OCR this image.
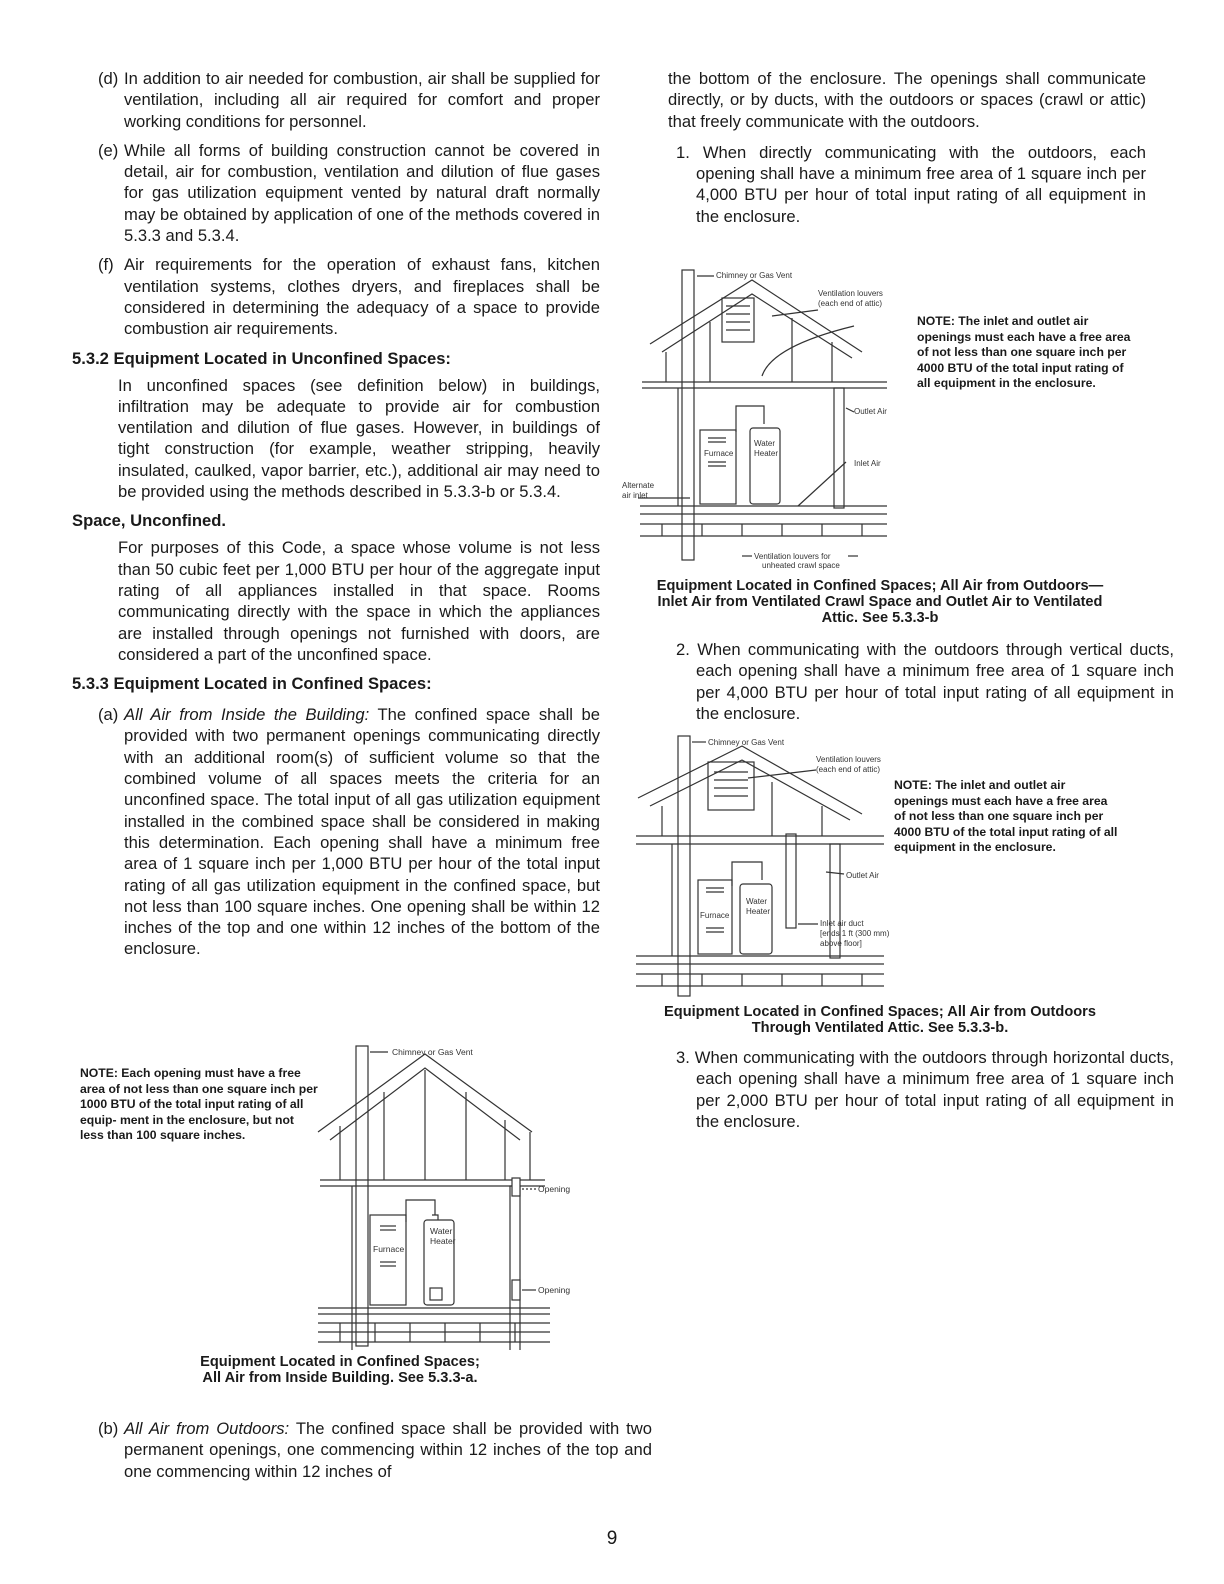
(d) In addition to air needed for combustion, air shall be supplied for ventilation, including all air required for comfort and proper working conditions for personnel.

(e) While all forms of building construction cannot be covered in detail, air for combustion, ventilation and dilution of flue gases for gas utilization equipment vented by natural draft normally may be obtained by application of one of the methods covered in 5.3.3 and 5.3.4.

(f) Air requirements for the operation of exhaust fans, kitchen ventilation systems, clothes dryers, and fireplaces shall be considered in determining the adequacy of a space to provide combustion air requirements.

5.3.2 Equipment Located in Unconfined Spaces:

In unconfined spaces (see definition below) in buildings, infiltration may be adequate to provide air for combustion ventilation and dilution of flue gases. However, in buildings of tight construction (for example, weather stripping, heavily insulated, caulked, vapor barrier, etc.), additional air may need to be provided using the methods described in 5.3.3-b or 5.3.4.

Space, Unconfined.

For purposes of this Code, a space whose volume is not less than 50 cubic feet per 1,000 BTU per hour of the aggregate input rating of all appliances installed in that space. Rooms communicating directly with the space in which the appliances are installed through openings not furnished with doors, are considered a part of the unconfined space.

5.3.3 Equipment Located in Confined Spaces:

(a) All Air from Inside the Building: The confined space shall be provided with two permanent openings communicating directly with an additional room(s) of sufficient volume so that the combined volume of all spaces meets the criteria for an unconfined space. The total input of all gas utilization equipment installed in the combined space shall be considered in making this determination. Each opening shall have a minimum free area of 1 square inch per 1,000 BTU per hour of the total input rating of all gas utilization equipment in the confined space, but not less than 100 square inches. One opening shall be within 12 inches of the top and one within 12 inches of the bottom of the enclosure.

NOTE: Each opening must have a free area of not less than one square inch per 1000 BTU of the total input rating of all equip- ment in the enclosure, but not less than 100 square inches.
Chimney or Gas Vent
Opening
Opening
Water
Heater
Furnace
Equipment Located in Confined Spaces;
All Air from Inside Building. See 5.3.3-a.

(b) All Air from Outdoors: The confined space shall be provided with two permanent openings, one commencing within 12 inches of the top and one commencing within 12 inches of

the bottom of the enclosure. The openings shall communicate directly, or by ducts, with the outdoors or spaces (crawl or attic) that freely communicate with the outdoors.

1. When directly communicating with the outdoors, each opening shall have a minimum free area of 1 square inch per 4,000 BTU per hour of total input rating of all equipment in the enclosure.

Chimney or Gas Vent
Ventilation louvers
(each end of attic)
Outlet Air
Inlet Air
Alternate
air inlet
Ventilation louvers for
unheated crawl space
Water
Heater
Furnace
NOTE: The inlet and outlet air openings must each have a free area of not less than one square inch per 4000 BTU of the total input rating of all equipment in the enclosure.
Equipment Located in Confined Spaces; All Air from Outdoors—
Inlet Air from Ventilated Crawl Space and Outlet Air to Ventilated
Attic. See 5.3.3-b

2. When communicating with the outdoors through vertical ducts, each opening shall have a minimum free area of 1 square inch per 4,000 BTU per hour of total input rating of all equipment in the enclosure.

Chimney or Gas Vent
Ventilation louvers
(each end of attic)
Outlet Air
Inlet air duct
[ends 1 ft (300 mm)
above floor]
Water
Heater
Furnace
NOTE: The inlet and outlet air openings must each have a free area of not less than one square inch per 4000 BTU of the total input rating of all equipment in the enclosure.
Equipment Located in Confined Spaces; All Air from Outdoors
Through Ventilated Attic. See 5.3.3-b.

3. When communicating with the outdoors through horizontal ducts, each opening shall have a minimum free area of 1 square inch per 2,000 BTU per hour of total input rating of all equipment in the enclosure.

9
